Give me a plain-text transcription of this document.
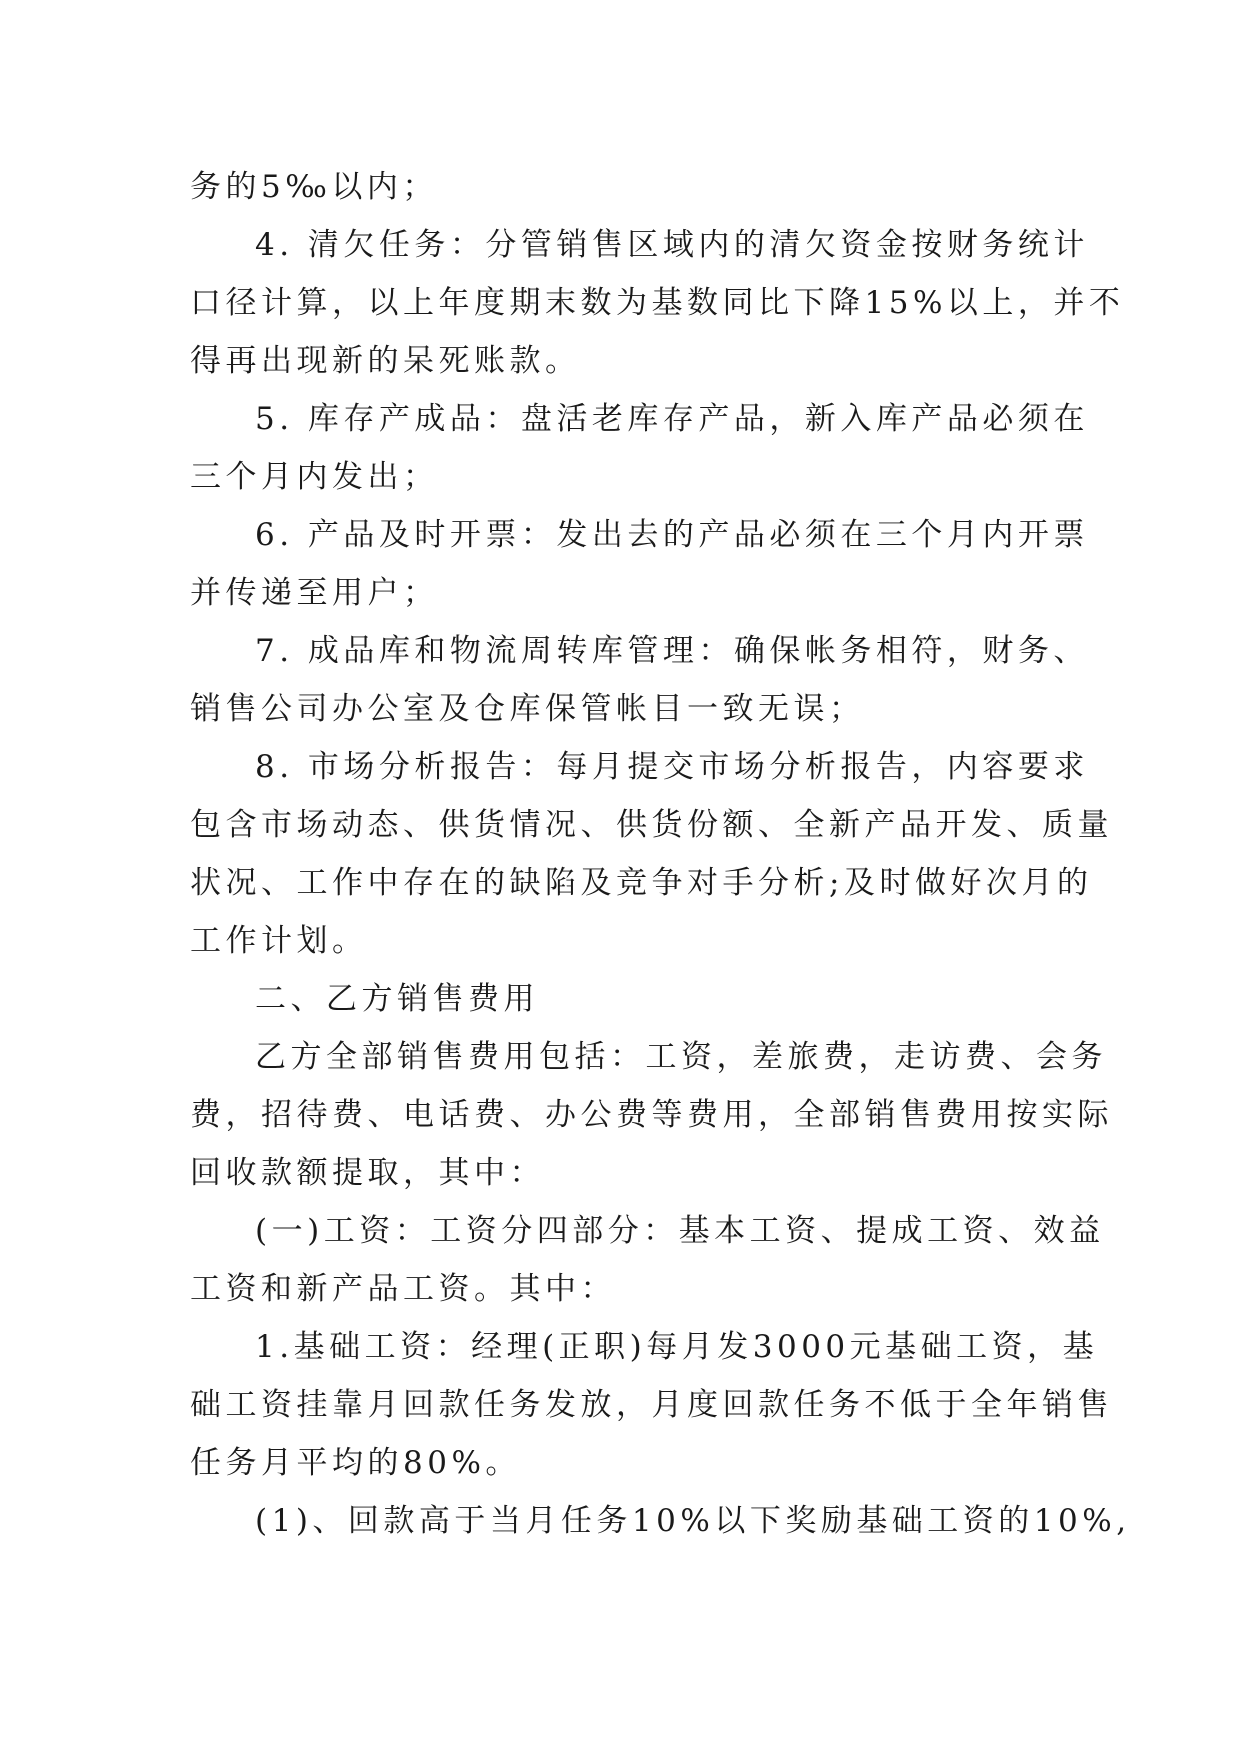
务的5‰以内；
4. 清欠任务：分管销售区域内的清欠资金按财务统计
口径计算，以上年度期末数为基数同比下降15%以上，并不
得再出现新的呆死账款。
5. 库存产成品：盘活老库存产品，新入库产品必须在
三个月内发出；
6. 产品及时开票：发出去的产品必须在三个月内开票
并传递至用户；
7. 成品库和物流周转库管理：确保帐务相符，财务、
销售公司办公室及仓库保管帐目一致无误；
8. 市场分析报告：每月提交市场分析报告，内容要求
包含市场动态、供货情况、供货份额、全新产品开发、质量
状况、工作中存在的缺陷及竞争对手分析;及时做好次月的
工作计划。
二、乙方销售费用
乙方全部销售费用包括：工资，差旅费，走访费、会务
费，招待费、电话费、办公费等费用，全部销售费用按实际
回收款额提取，其中：
(一)工资：工资分四部分：基本工资、提成工资、效益
工资和新产品工资。其中：
1.基础工资：经理(正职)每月发3000元基础工资，基
础工资挂靠月回款任务发放，月度回款任务不低于全年销售
任务月平均的80%。
(1)、回款高于当月任务10%以下奖励基础工资的10%,
